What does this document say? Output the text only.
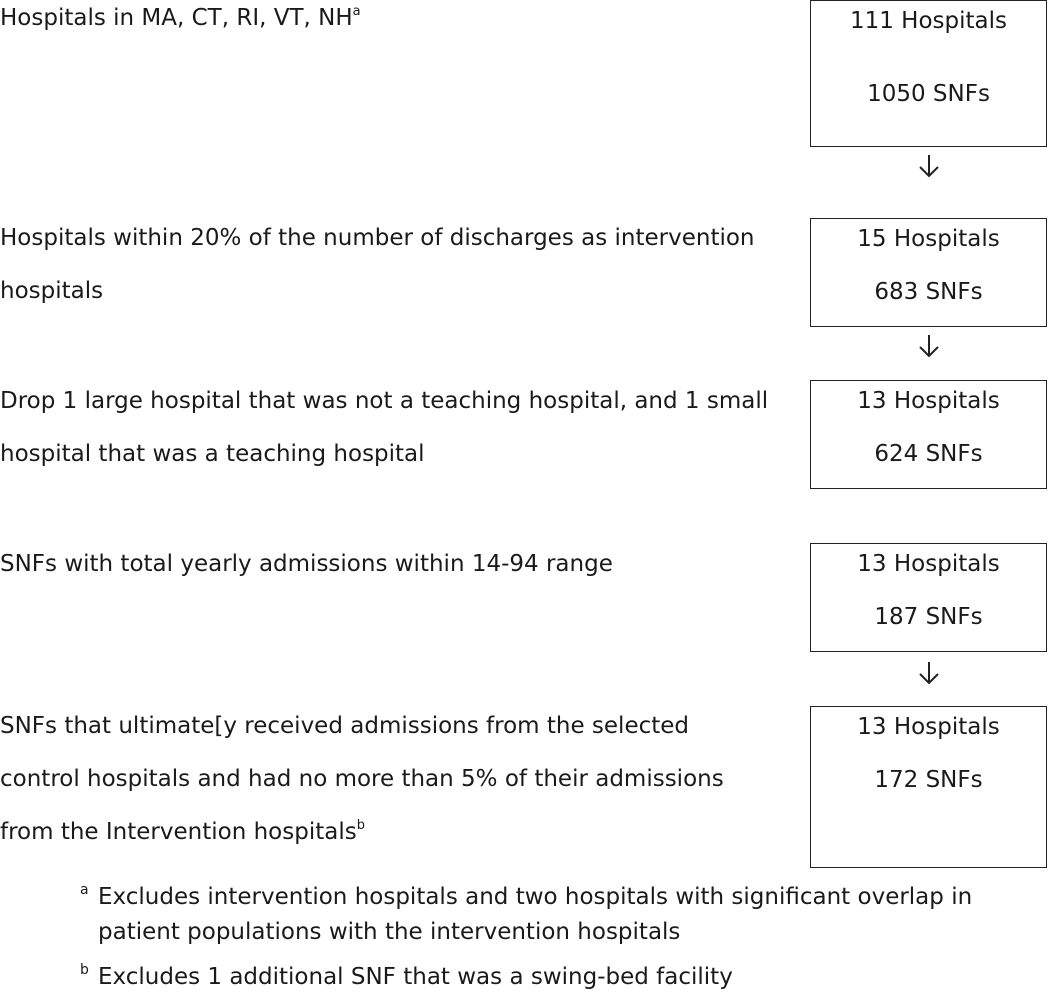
Hospitals in MA, CT, RI, VT, $NH^a$	111 Hospitals
1050 SNFs

Hospitals within 20% of the number of discharges as intervention
hospitals

15 Hospitals
683 SNFs

Drop 1 large hospital that was not a teaching hospital, and 1 small
hospital that was a teaching hospital

13 Hospitals
624 SNFs

SNFs with total yearly admissions within 14-94 range	13 Hospitals
187 SNFs

SNFs that ultimate[y received admissions from the selected
control hospitals and had no more than 5% of their admissions
from the Intervention hospitals$^b$

13 Hospitals
172 SNFs
a Excludes intervention hospitals and two hospitals with significant overlap in
patient populations with the intervention hospitals
b Excludes 1 additional SNF that was a swing-bed facility
